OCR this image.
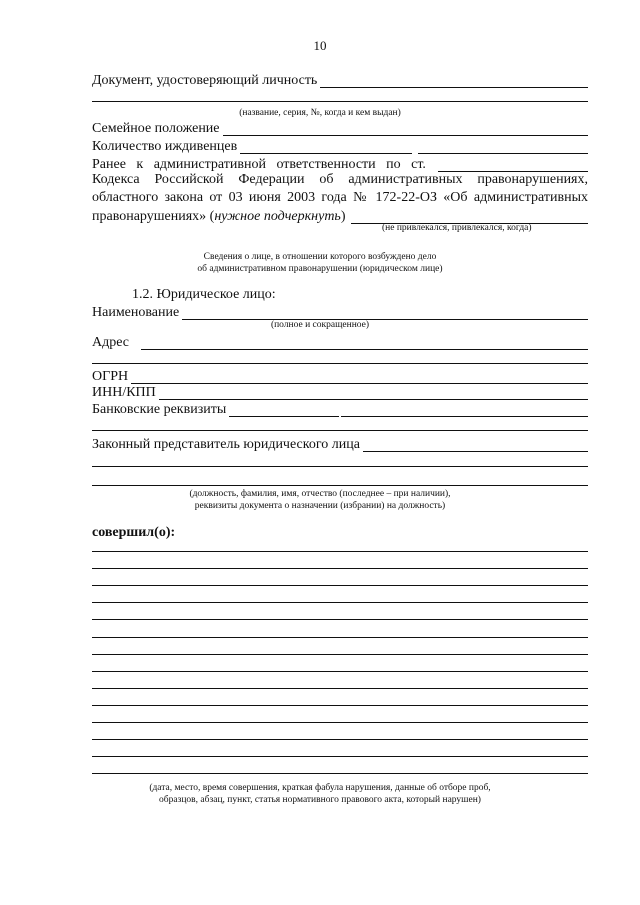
10
Документ, удостоверяющий личность
(название, серия, №, когда и кем выдан)
Семейное положение
Количество иждивенцев
Ранее к административной ответственности по ст.
Кодекса Российской Федерации об административных правонарушениях,
областного закона от 03 июня 2003 года № 172-22-ОЗ «Об административных
правонарушениях» ( нужное подчеркнуть )
(не привлекался, привлекался, когда)
Сведения о лице, в отношении которого возбуждено дело
об административном правонарушении (юридическом лице)
1.2. Юридическое лицо:
Наименование
(полное и сокращенное)
Адрес
ОГРН
ИНН/КПП
Банковские реквизиты
Законный представитель юридического лица
(должность, фамилия, имя, отчество (последнее – при наличии),
реквизиты документа о назначении (избрании) на должность)
совершил(о):
(дата, место, время совершения, краткая фабула нарушения, данные об отборе проб,
образцов, абзац, пункт, статья нормативного правового акта, который нарушен)
